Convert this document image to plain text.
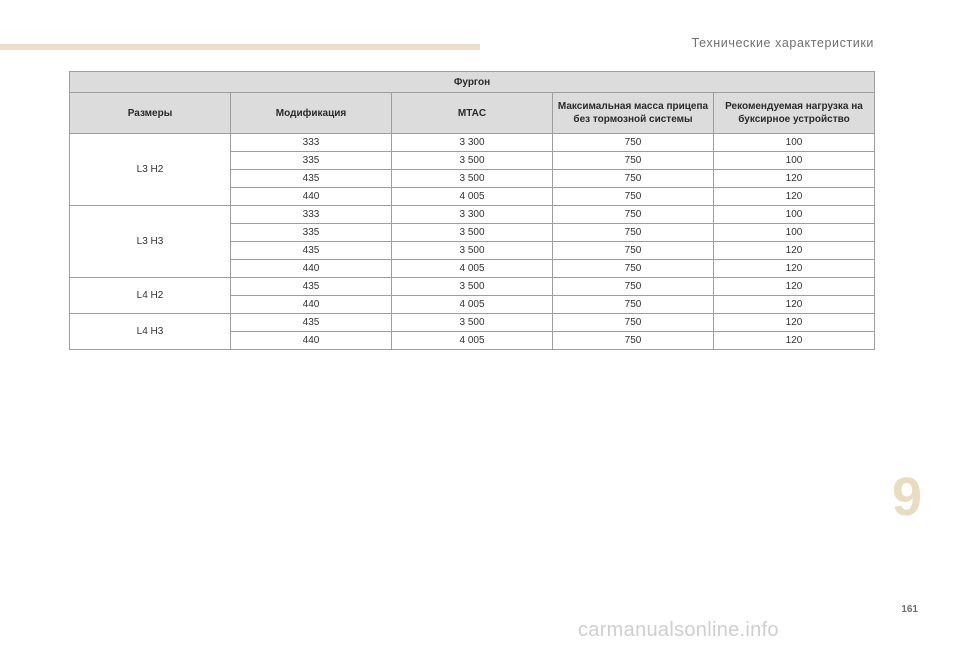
Технические характеристики
Фургон				
Размеры	Модификация	MTAC	Максимальная масса прицепа без тормозной системы	Рекомендуемая нагрузка на буксирное устройство
L3 H2	333	3 300	750	100
	335	3 500	750	100
	435	3 500	750	120
	440	4 005	750	120
L3 H3	333	3 300	750	100
	335	3 500	750	100
	435	3 500	750	120
	440	4 005	750	120
L4 H2	435	3 500	750	120
	440	4 005	750	120
L4 H3	435	3 500	750	120
	440	4 005	750	120
9
161
carmanualsonline.info
